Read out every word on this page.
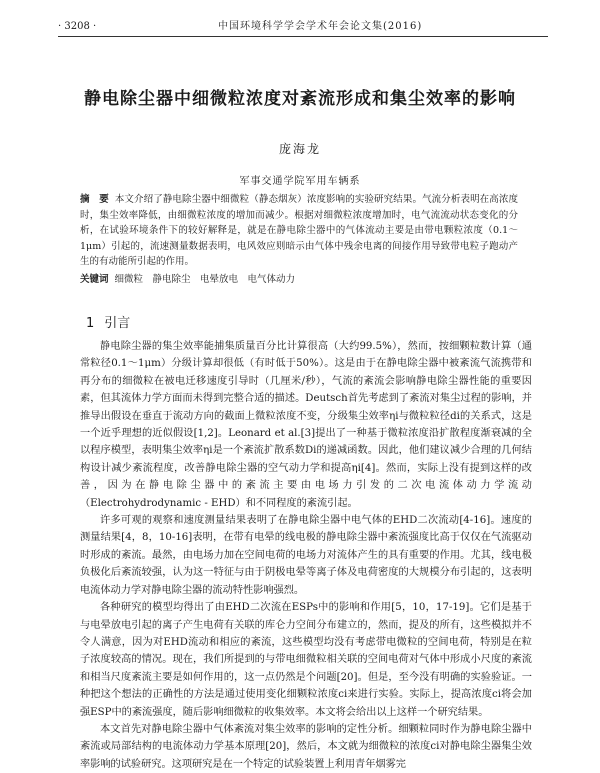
· 3208 ·	中国环境科学学会学术年会论文集(2016)
静电除尘器中细微粒浓度对紊流形成和集尘效率的影响
庞海龙
军事交通学院军用车辆系
摘　要 本文介绍了静电除尘器中细微粒（静态烟灰）浓度影响的实验研究结果。气流分析表明在高浓度时，集尘效率降低，由细微粒浓度的增加而减少。根据对细微粒浓度增加时，电气流流动状态变化的分析，在试验环境条件下的较好解释是，就是在静电除尘器中的气体流动主要是由带电颗粒浓度（0.1～1μm）引起的，流速测量数据表明，电风效应则暗示由气体中残余电离的间接作用导致带电粒子跑动产生的有动能所引起的作用。
关键词 细微粒　静电除尘　电晕放电　电气体动力
1 引言

静电除尘器的集尘效率能捕集质量百分比计算很高（大约99.5%），然而，按细颗粒数计算（通常粒径0.1～1μm）分级计算却很低（有时低于50%）。这是由于在静电除尘器中被紊流气流携带和再分布的细微粒在被电迁移速度引导时（几厘米/秒），气流的紊流会影响静电除尘器性能的重要因素，但其流体力学方面而未得到完整合适的描述。Deutsch首先考虑到了紊流对集尘过程的影响，并推导出假设在垂直于流动方向的截面上微粒浓度不变，分级集尘效率ηi与微粒粒径di的关系式，这是一个近乎理想的近似假设[1,2]。Leonard et al.[3]提出了一种基于微粒浓度沿扩散程度渐衰减的全以程序模型，表明集尘效率ηi是一个紊流扩散系数Di的递减函数。因此，他们建议减少合理的几何结构设计减少紊流程度，改善静电除尘器的空气动力学和提高ηi[4]。然而，实际上没有提到这样的改善，因为在静电除尘器中的紊流主要由电场力引发的二次电流体动力学流动（Electrohydrodynamic - EHD）和不同程度的紊流引起。

许多可观的观察和速度测量结果表明了在静电除尘器中电气体的EHD二次流动[4-16]。速度的测量结果[4，8，10-16]表明，在带有电晕的线电极的静电除尘器中紊流强度比高于仅仅在气流驱动时形成的紊流。最然，由电场力加在空间电荷的电场力对流体产生的具有重要的作用。尤其，线电极负极化后紊流较强，认为这一特征与由于阴极电晕等离子体及电荷密度的大规模分布引起的，这表明电流体动力学对静电除尘器的流动特性影响强烈。

各种研究的模型均得出了由EHD二次流在ESPs中的影响和作用[5，10，17-19]。它们是基于与电晕放电引起的离子产生电荷有关联的库仑力空间分布建立的，然而，提及的所有，这些模拟并不令人满意，因为对EHD流动和相应的紊流，这些模型均没有考虑带电微粒的空间电荷，特别是在粒子浓度较高的情况。现在，我们所提到的与带电细微粒相关联的空间电荷对气体中形成小尺度的紊流和相当尺度紊流主要是如何作用的，这一点仍然是个问题[20]。但是，至今没有明确的实验验证。一种把这个想法的正确性的方法是通过使用变化细颗粒浓度ci来进行实验。实际上，提高浓度ci将会加强ESP中的紊流强度，随后影响细微粒的收集效率。本文将会给出以上这样一个研究结果。

本文首先对静电除尘器中气体紊流对集尘效率的影响的定性分析。细颗粒同时作为静电除尘器中紊流或局部结构的电流体动力学基本原理[20]，然后，本文就为细微粒的浓度ci对静电除尘器集尘效率影响的试验研究。这项研究是在一个特定的试验装置上利用青年烟雾完
